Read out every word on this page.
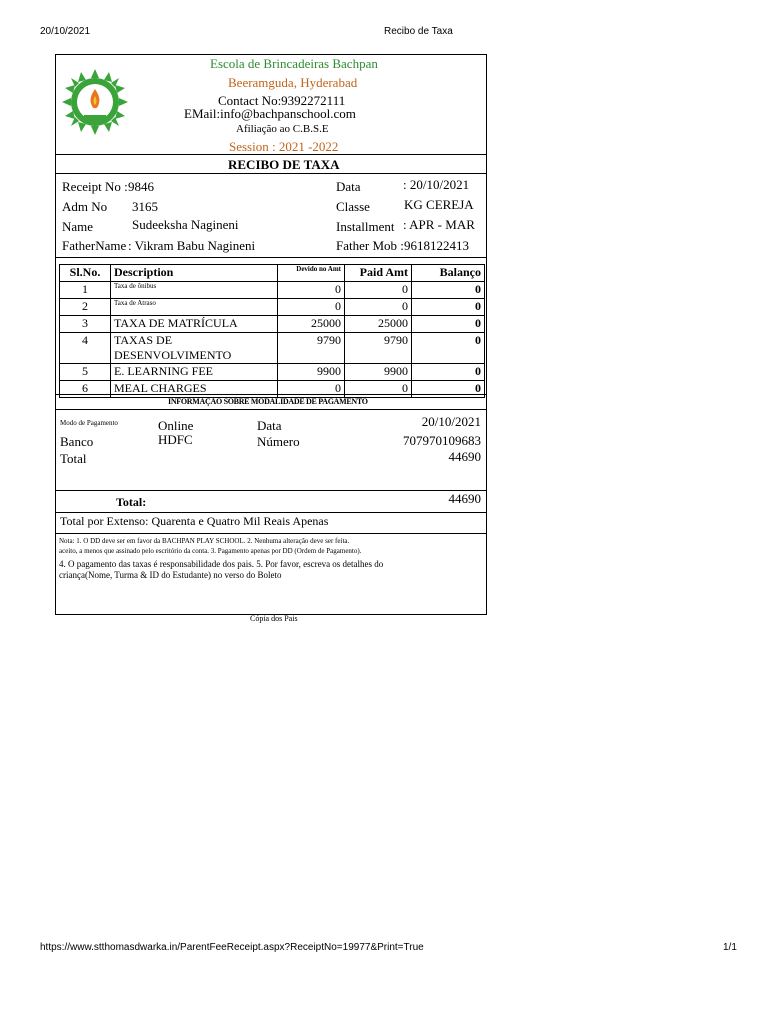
20/10/2021	Recibo de Taxa
Escola de Brincadeiras Bachpan
Beeramguda, Hyderabad
Contact No:9392272111
EMail:info@bachpanschool.com
Afiliação ao C.B.S.E
Session : 2021 -2022
RECIBO DE TAXA
Receipt No : 9846	Data	: 20/10/2021
Adm No 3165	Classe	KG CEREJA
Name	Sudeeksha Nagineni	Installment : APR - MAR
FatherName : Vikram Babu Nagineni	Father Mob : 9618122413
Sl.No.	Description	Devido no Amt	Paid Amt	Balanço
1	Taxa de ônibus	0	0	0
2	Taxa de Atraso	0	0	0
3	TAXA DE MATRÍCULA	25000	25000	0
4	TAXAS DE DESENVOLVIMENTO	9790	9790	0
5	E. LEARNING FEE	9900	9900	0
6	MEAL CHARGES	0	0	0
INFORMAÇÃO SOBRE MODALIDADE DE PAGAMENTO
Modo de Pagamento	Online	Data	20/10/2021
Banco	HDFC	Número	707970109683
Total	44690
Total:	44690
Total por Extenso: Quarenta e Quatro Mil Reais Apenas
Nota: 1. O DD deve ser em favor da BACHPAN PLAY SCHOOL. 2. Nenhuma alteração deve ser feita.
aceito, a menos que assinado pelo escritório da conta. 3. Pagamento apenas por DD (Ordem de Pagamento).
4. O pagamento das taxas é responsabilidade dos pais. 5. Por favor, escreva os detalhes do
criança(Nome, Turma & ID do Estudante) no verso do Boleto
Cópia dos Pais
https://www.stthomasdwarka.in/ParentFeeReceipt.aspx?ReceiptNo=19977&Print=True	1/1
